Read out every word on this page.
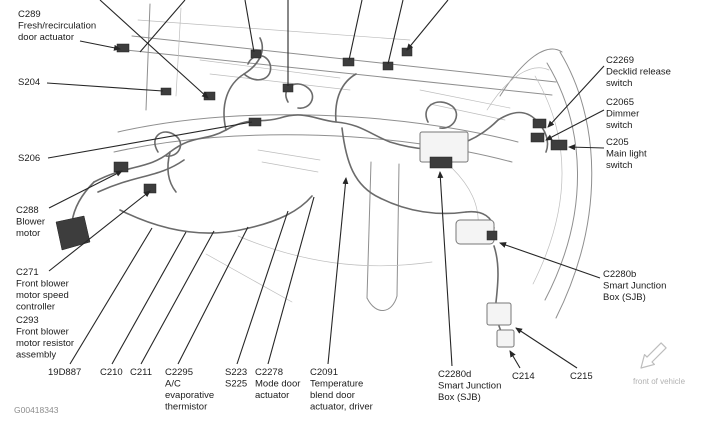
C289
Fresh/recirculation
door actuator
S204
S206
C288
Blower
motor
C271
Front blower
motor speed
controller
C293
Front blower
motor resistor
assembly
19D887 C210 C211 C2295
A/C
evaporative
thermistor
S223
S225
C2278
Mode door
actuator
C2091
Temperature
blend door
actuator, driver
C2280d
Smart Junction
Box (SJB)
C214	C215
C2269
Decklid release
switch
C2065
Dimmer
switch
C205
Main light
switch
C2280b
Smart Junction
Box (SJB)
G00418343
front of vehicle
